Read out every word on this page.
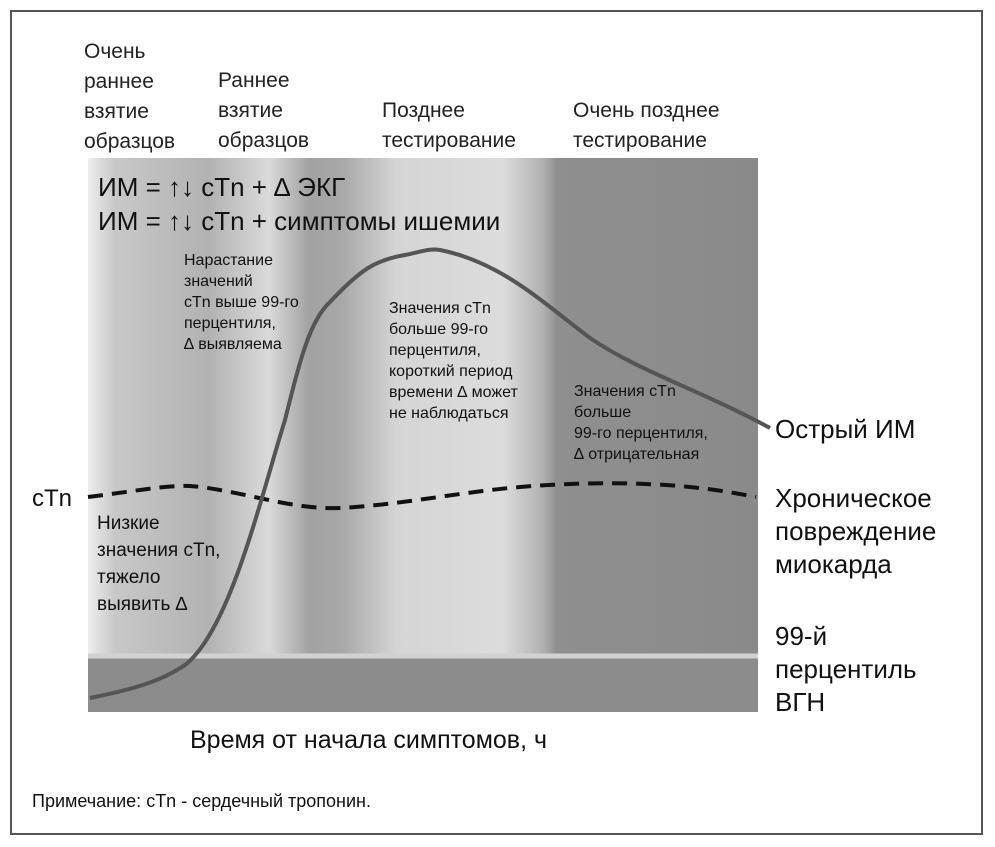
Очень
раннее
взятие
образцов
Раннее
взятие
образцов
Позднее
тестирование
Очень позднее
тестирование
ИМ = ↑↓ cTn + ∆ ЭКГ
ИМ = ↑↓ cTn + симптомы ишемии
Нарастание
значений
cTn выше 99-го
перцентиля,
∆ выявляема
Значения cTn
больше 99-го
перцентиля,
короткий период
времени ∆ может
не наблюдаться
Значения cTn
больше
99-го перцентиля,
∆ отрицательная
Низкие
значения cTn,
тяжело
выявить ∆
cTn
Острый ИМ
Хроническое
повреждение
миокарда
99-й
перцентиль
ВГН
Время от начала симптомов, ч
Примечание: cTn - сердечный тропонин.
